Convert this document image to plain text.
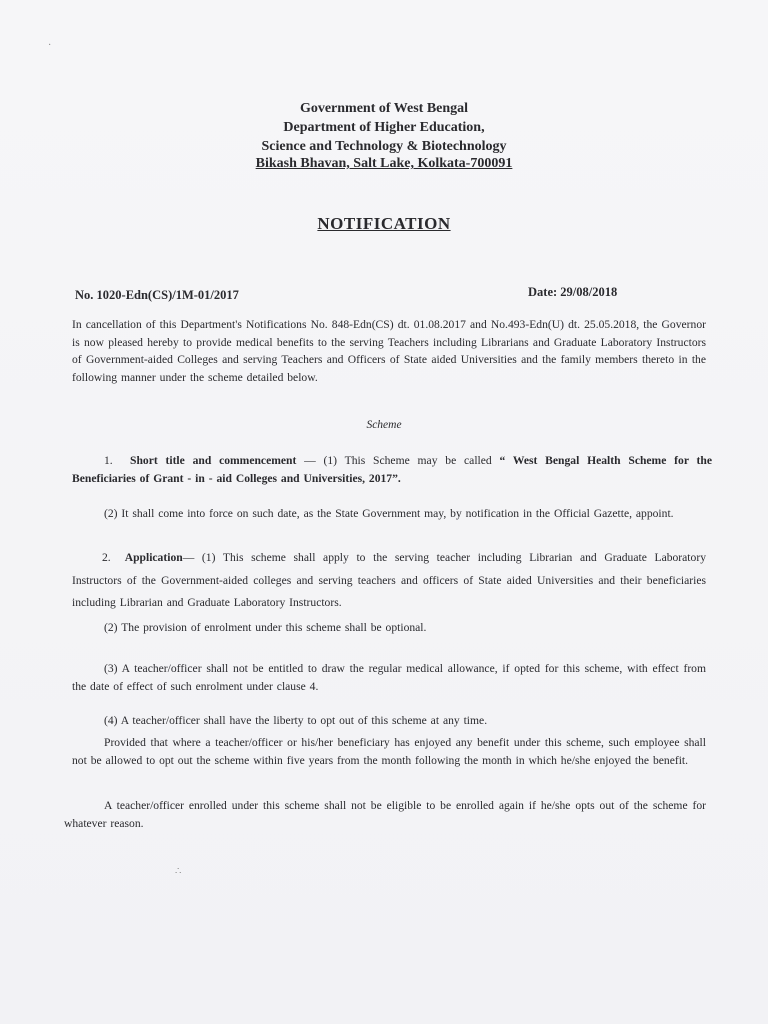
Government of West Bengal
Department of Higher Education,
Science and Technology & Biotechnology
Bikash Bhavan, Salt Lake, Kolkata-700091
NOTIFICATION
No. 1020-Edn(CS)/1M-01/2017	Date: 29/08/2018
In cancellation of this Department's Notifications No. 848-Edn(CS) dt. 01.08.2017 and No.493-Edn(U) dt. 25.05.2018, the Governor is now pleased hereby to provide medical benefits to the serving Teachers including Librarians and Graduate Laboratory Instructors of Government-aided Colleges and serving Teachers and Officers of State aided Universities and the family members thereto in the following manner under the scheme detailed below.
Scheme
1. Short title and commencement — (1) This Scheme may be called “ West Bengal Health Scheme for the Beneficiaries of Grant - in - aid Colleges and Universities, 2017”.
(2) It shall come into force on such date, as the State Government may, by notification in the Official Gazette, appoint.
2. Application— (1) This scheme shall apply to the serving teacher including Librarian and Graduate Laboratory Instructors of the Government-aided colleges and serving teachers and officers of State aided Universities and their beneficiaries including Librarian and Graduate Laboratory Instructors.
(2) The provision of enrolment under this scheme shall be optional.
(3) A teacher/officer shall not be entitled to draw the regular medical allowance, if opted for this scheme, with effect from the date of effect of such enrolment under clause 4.
(4) A teacher/officer shall have the liberty to opt out of this scheme at any time.
Provided that where a teacher/officer or his/her beneficiary has enjoyed any benefit under this scheme, such employee shall not be allowed to opt out the scheme within five years from the month following the month in which he/she enjoyed the benefit.
A teacher/officer enrolled under this scheme shall not be eligible to be enrolled again if he/she opts out of the scheme for whatever reason.
∴
·
